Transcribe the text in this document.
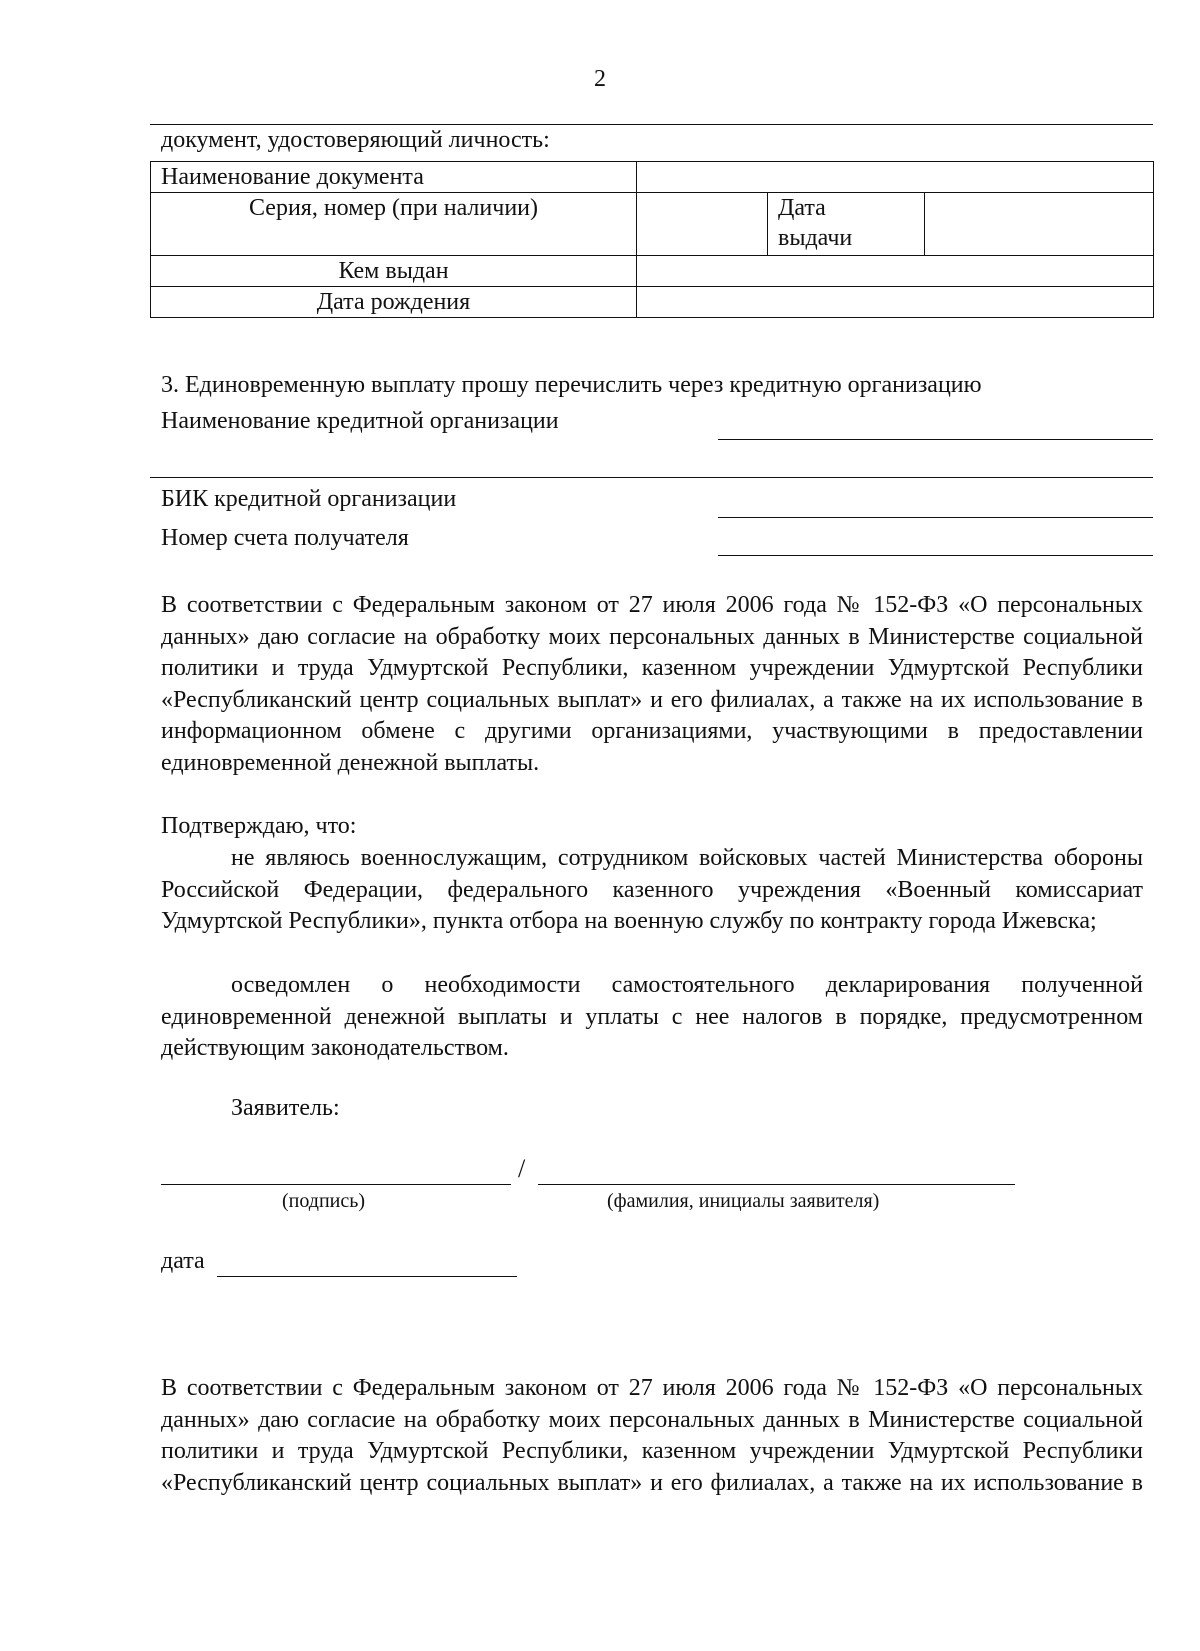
2
документ, удостоверяющий личность:
Наименование документа			
Серия, номер (при наличии)		Дата
выдачи	
Кем выдан			
Дата рождения			
3. Единовременную выплату прошу перечислить через кредитную организацию
Наименование кредитной организации
БИК кредитной организации
Номер счета получателя

В соответствии с Федеральным законом от 27 июля 2006 года № 152-ФЗ «О персональных данных» даю согласие на обработку моих персональных данных в Министерстве социальной политики и труда Удмуртской Республики, казенном учреждении Удмуртской Республики «Республиканский центр социальных выплат» и его филиалах, а также на их использование в информационном обмене с другими организациями, участвующими в предоставлении единовременной денежной выплаты.

Подтверждаю, что:

не являюсь военнослужащим, сотрудником войсковых частей Министерства обороны Российской Федерации, федерального казенного учреждения «Военный комиссариат Удмуртской Республики», пункта отбора на военную службу по контракту города Ижевска;

осведомлен о необходимости самостоятельного декларирования полученной единовременной денежной выплаты и уплаты с нее налогов в порядке, предусмотренном действующим законодательством.

Заявитель:
/
(подпись)	(фамилия, инициалы заявителя)
дата

В соответствии с Федеральным законом от 27 июля 2006 года № 152-ФЗ «О персональных данных» даю согласие на обработку моих персональных данных в Министерстве социальной политики и труда Удмуртской Республики, казенном учреждении Удмуртской Республики «Республиканский центр социальных выплат» и его филиалах, а также на их использование в
